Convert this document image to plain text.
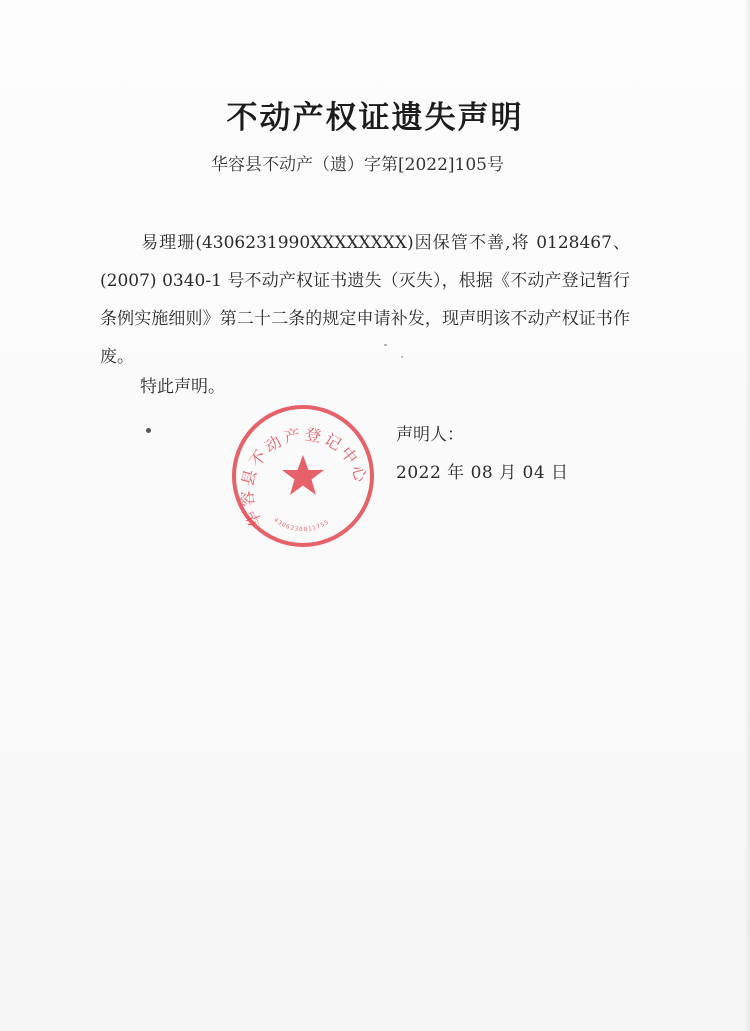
不动产权证遗失声明
华容县不动产（遗）字第[2022]105号
易理珊(4306231990XXXXXXXX)因保管不善,将 0128467、(2007) 0340-1 号不动产权证书遗失（灭失），根据《不动产登记暂行条例实施细则》第二十二条的规定申请补发，现声明该不动产权证书作废。
特此声明。
声明人：
2022 年 08 月 04 日
华容县不动产登记中心
4306230011755
